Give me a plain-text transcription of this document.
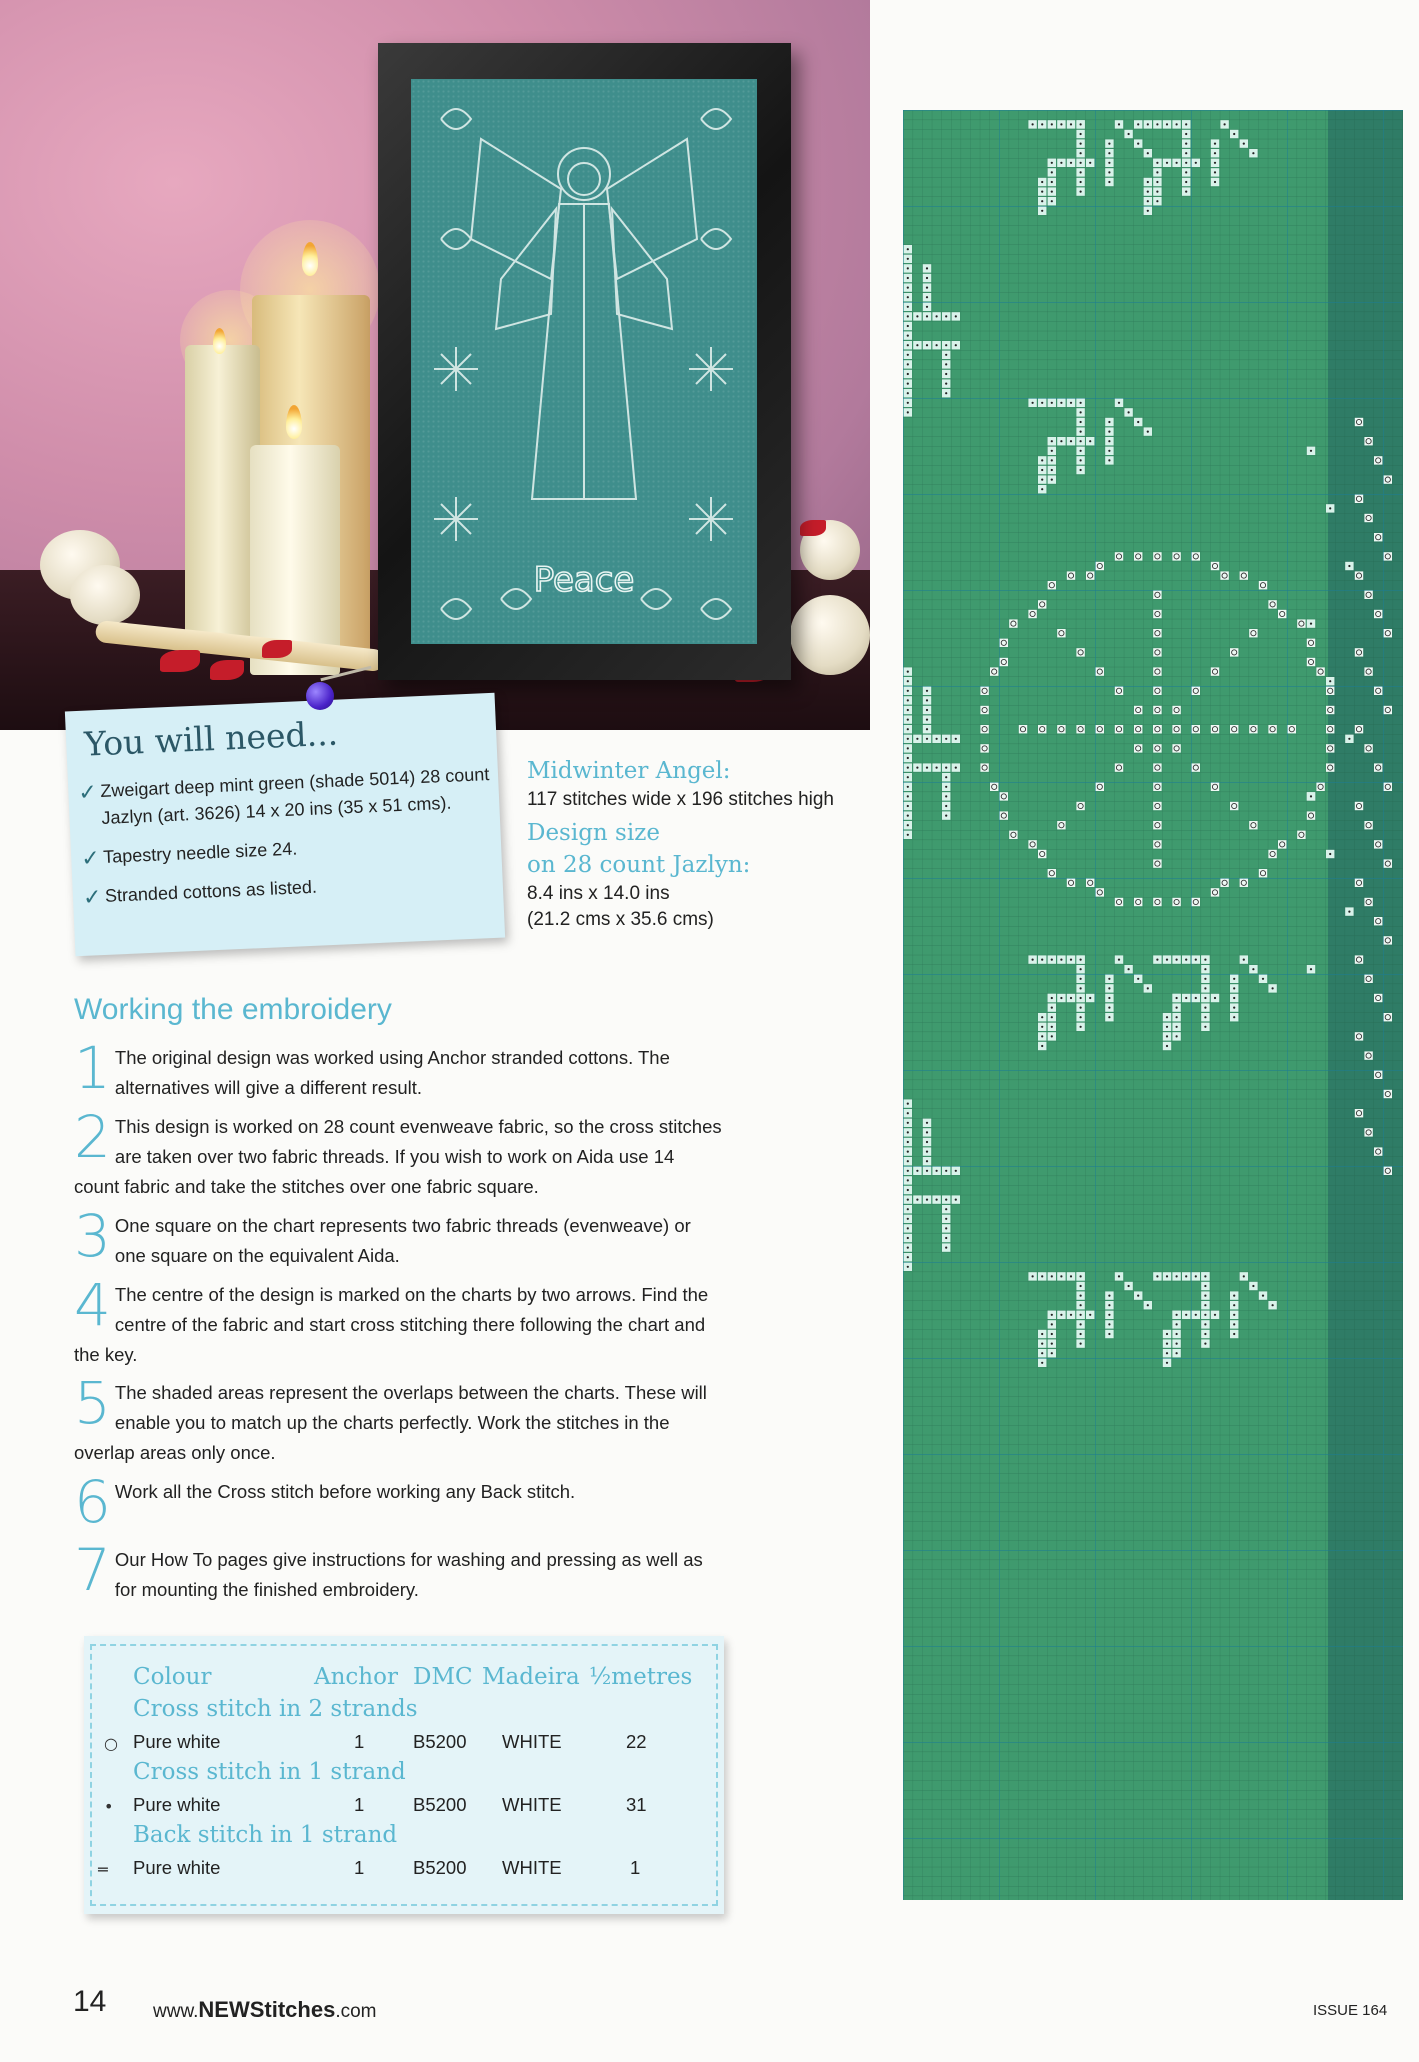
Peace
You will need...
✓ Zweigart deep mint green (shade 5014) 28 count Jazlyn (art. 3626) 14 x 20 ins (35 x 51 cms).
✓ Tapestry needle size 24.
✓ Stranded cottons as listed.
Midwinter Angel:
117 stitches wide x 196 stitches high
Design size
on 28 count Jazlyn:
8.4 ins x 14.0 ins
(21.2 cms x 35.6 cms)
Working the embroidery
1 The original design was worked using Anchor stranded cottons. The alternatives will give a different result.
2 This design is worked on 28 count evenweave fabric, so the cross stitches are taken over two fabric threads. If you wish to work on Aida use 14 count fabric and take the stitches over one fabric square.
3 One square on the chart represents two fabric threads (evenweave) or one square on the equivalent Aida.
4 The centre of the design is marked on the charts by two arrows. Find the centre of the fabric and start cross stitching there following the chart and the key.
5 The shaded areas represent the overlaps between the charts. These will enable you to match up the charts perfectly. Work the stitches in the overlap areas only once.
6 Work all the Cross stitch before working any Back stitch.
7 Our How To pages give instructions for washing and pressing as well as for mounting the finished embroidery.
Colour	Anchor DMC Madeira ½metres
Cross stitch in 2 strands
○ Pure white	1	B5200 WHITE	22
Cross stitch in 1 strand
• Pure white	1	B5200 WHITE	31
Back stitch in 1 strand
═ Pure white	1	B5200 WHITE	1
14 www.NEWStitches.com	ISSUE 164
